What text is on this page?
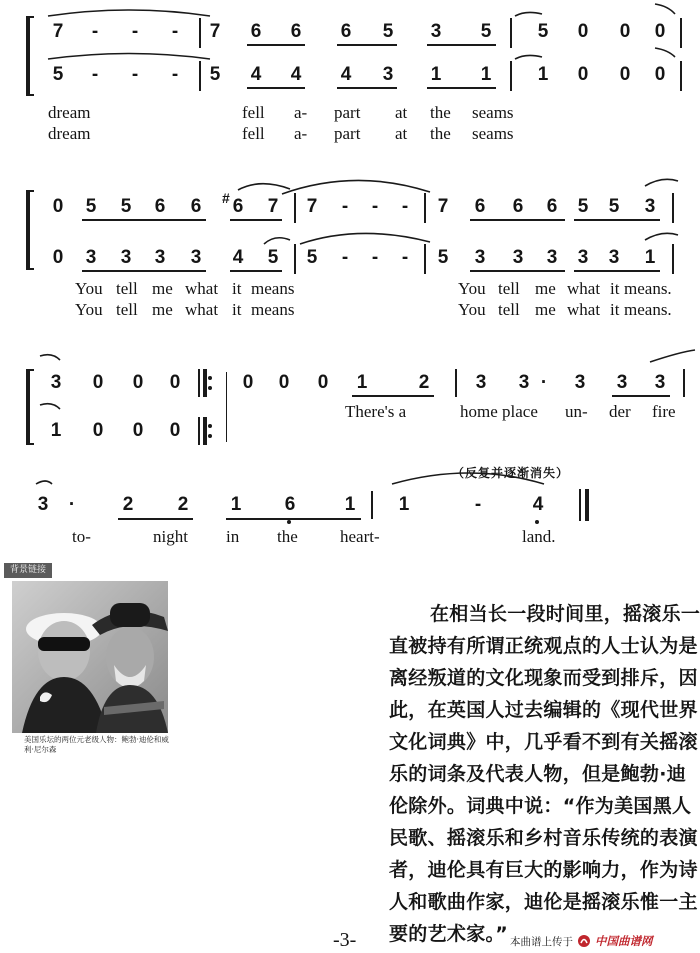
7	-	-	-	7 6 6 6 5 3 5 5 0 0 0
5	-	-	-	5 4 4 4 3 1 1 1 0 0 0
dream	fell a- part at the seams
dream	fell a- part at the seams
0 5 5 6 6	# 6 7 7	-	-	-	7 6 6 6 5 5 3
0 3 3 3 3 4 5 5	-	-	-	5 3 3 3 3 3 1
You tell me what it means	You tell me what it means.
You tell me what it means	You tell me what it means.
3 0 0 0	0 0 0 1	2 3 3 ·	3 3 3
1 0 0 0
There's a	home place un- der fire
（反复并逐渐消失）
3	·	2 2 1 6	1 1	-	4
to-	night in the heart-	land.
背景链接
美国乐坛的两位元老级人物：鲍勃·迪伦和威利·尼尔森
在相当长一段时间里，摇滚乐一
直被持有所谓正统观点的人士认为是
离经叛道的文化现象而受到排斥，因
此，在英国人过去编辑的《现代世界
文化词典》中，几乎看不到有关摇滚
乐的词条及代表人物，但是鲍勃·迪
伦除外。词典中说：“作为美国黑人
民歌、摇滚乐和乡村音乐传统的表演
者，迪伦具有巨大的影响力，作为诗
人和歌曲作家，迪伦是摇滚乐惟一主
要的艺术家。”
-3-	本曲谱上传于 中国曲谱网
